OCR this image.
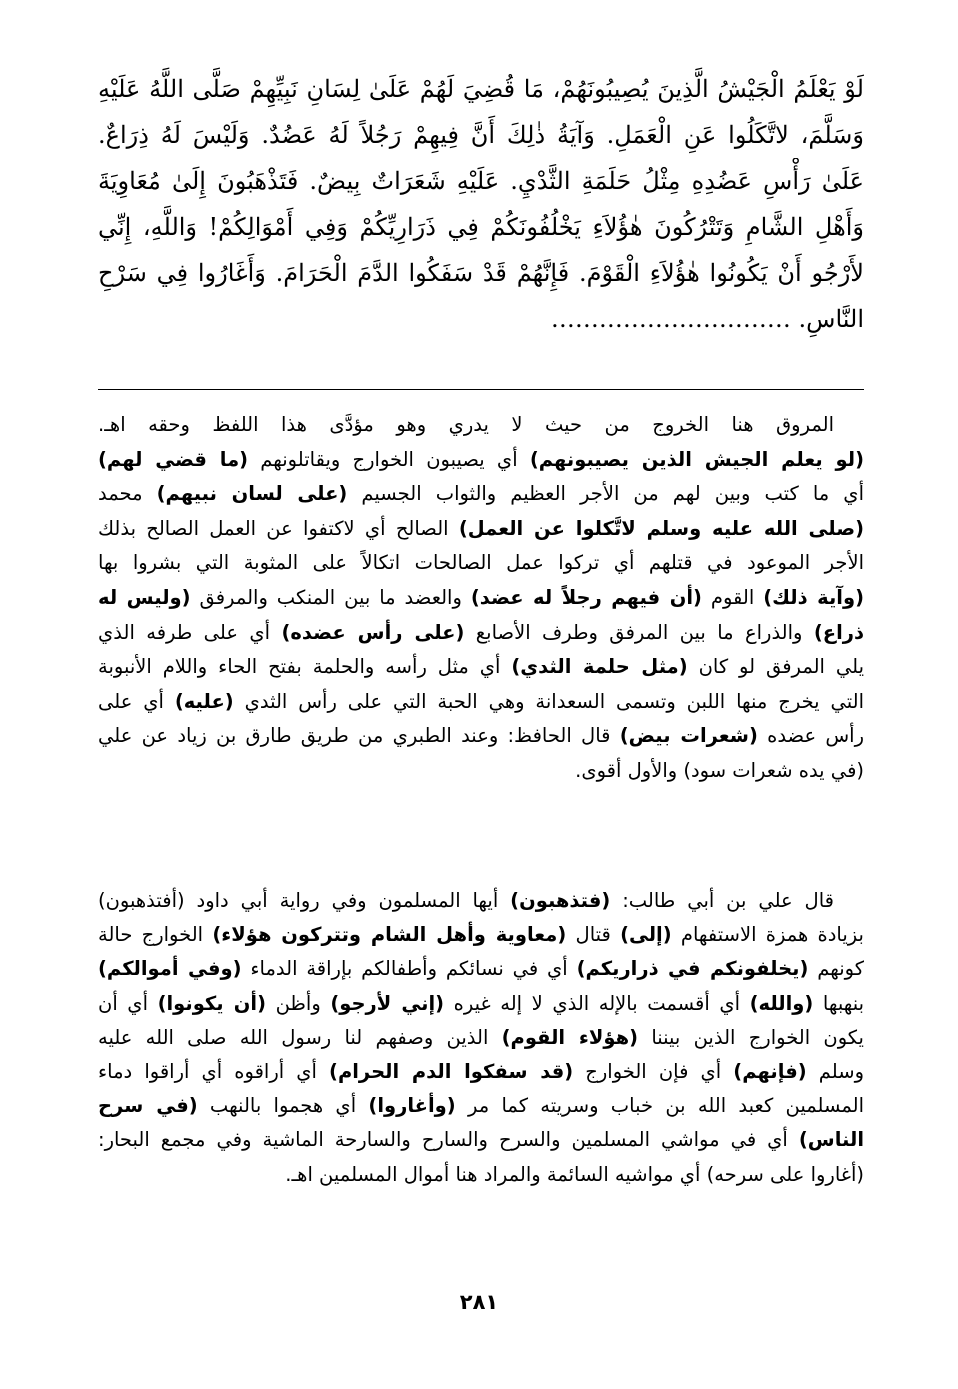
لَوْ يَعْلَمُ الْجَيْشُ الَّذِينَ يُصِيبُونَهُمْ، مَا قُضِيَ لَهُمْ عَلَىٰ لِسَانِ نَبِيِّهِمْ صَلَّى اللَّهُ عَلَيْهِ
وَسَلَّمَ، لاتَّكَلُوا عَنِ الْعَمَلِ. وَآيَةُ ذٰلِكَ أَنَّ فِيهِمْ رَجُلاً لَهُ عَضُدٌ. وَلَيْسَ لَهُ ذِرَاعٌ.
عَلَىٰ رَأْسِ عَضُدِهِ مِثْلُ حَلَمَةِ الثَّدْيِ. عَلَيْهِ شَعَرَاتٌ بِيضٌ. فَتَذْهَبُونَ إِلَىٰ مُعَاوِيَةَ
وَأَهْلِ الشَّامِ وَتَتْرُكُونَ هٰؤُلاَءِ يَخْلُفُونَكُمْ فِي ذَرَارِيِّكُمْ وَفِي أَمْوَالِكُمْ! وَاللَّهِ، إِنِّي
لأَرْجُو أَنْ يَكُونُوا هٰؤُلاَءِ الْقَوْمَ. فَإِنَّهُمْ قَدْ سَفَكُوا الدَّمَ الْحَرَامَ. وَأَغَارُوا فِي سَرْحِ
النَّاسِ. …………………………
المروق هنا الخروج من حيث لا يدري وهو مؤدَّى هذا اللفظ وحقه اهـ.
(لو يعلم الجيش الذين يصيبونهم) أي يصيبون الخوارج ويقاتلونهم (ما قضي لهم)
أي ما كتب وبين لهم من الأجر العظيم والثواب الجسيم (على لسان نبيهم) محمد
(صلى الله عليه وسلم لاتَّكلوا عن العمل) الصالح أي لاكتفوا عن العمل الصالح بذلك
الأجر الموعود في قتلهم أي تركوا عمل الصالحات اتكالاً على المثوبة التي بشروا بها
(وآية ذلك) القوم (أن فيهم رجلاً له عضد) والعضد ما بين المنكب والمرفق (وليس له
ذراع) والذراع ما بين المرفق وطرف الأصابع (على رأس عضده) أي على طرفه الذي
يلي المرفق لو كان (مثل حلمة الثدي) أي مثل رأسه والحلمة بفتح الحاء واللام الأنبوبة
التي يخرج منها اللبن وتسمى السعدانة وهي الحبة التي على رأس الثدي (عليه) أي على
رأس عضده (شعرات بيض) قال الحافظ: وعند الطبري من طريق طارق بن زياد عن علي
(في يده شعرات سود) والأول أقوى.
قال علي بن أبي طالب: (فتذهبون) أيها المسلمون وفي رواية أبي داود (أفتذهبون)
بزيادة همزة الاستفهام (إلى) قتال (معاوية وأهل الشام وتتركون هؤلاء) الخوارج حالة
كونهم (يخلفونكم في ذراريكم) أي في نسائكم وأطفالكم بإراقة الدماء (وفي أموالكم)
بنهبها (والله) أي أقسمت بالإله الذي لا إله غيره (إني لأرجو) وأظن (أن يكونوا) أي أن
يكون الخوارج الذين بيننا (هؤلاء القوم) الذين وصفهم لنا رسول الله صلى الله عليه
وسلم (فإنهم) أي فإن الخوارج (قد سفكوا الدم الحرام) أي أراقوه أي أراقوا دماء
المسلمين كعبد الله بن خباب وسريته كما مر (وأغاروا) أي هجموا بالنهب (في سرح
الناس) أي في مواشي المسلمين والسرح والسارح والسارحة الماشية وفي مجمع البحار:
(أغاروا على سرحه) أي مواشيه السائمة والمراد هنا أموال المسلمين اهـ.
٢٨١
